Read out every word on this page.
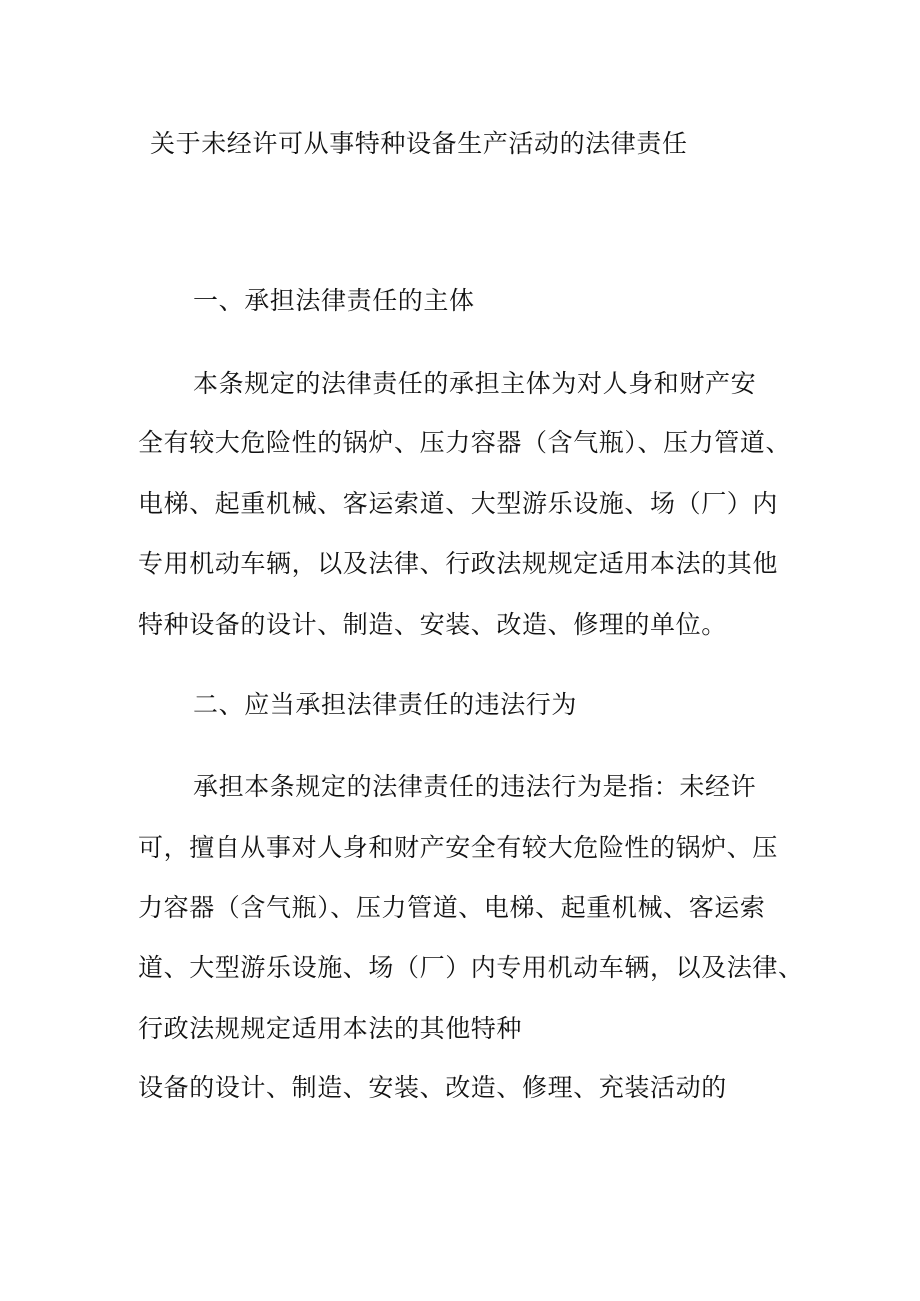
关于未经许可从事特种设备生产活动的法律责任
一、承担法律责任的主体
本条规定的法律责任的承担主体为对人身和财产安
全有较大危险性的锅炉、压力容器（含气瓶）、压力管道、
电梯、起重机械、客运索道、大型游乐设施、场（厂）内
专用机动车辆，以及法律、行政法规规定适用本法的其他
特种设备的设计、制造、安装、改造、修理的单位。
二、应当承担法律责任的违法行为
承担本条规定的法律责任的违法行为是指：未经许
可，擅自从事对人身和财产安全有较大危险性的锅炉、压
力容器（含气瓶）、压力管道、电梯、起重机械、客运索
道、大型游乐设施、场（厂）内专用机动车辆，以及法律、
行政法规规定适用本法的其他特种
设备的设计、制造、安装、改造、修理、充装活动的
